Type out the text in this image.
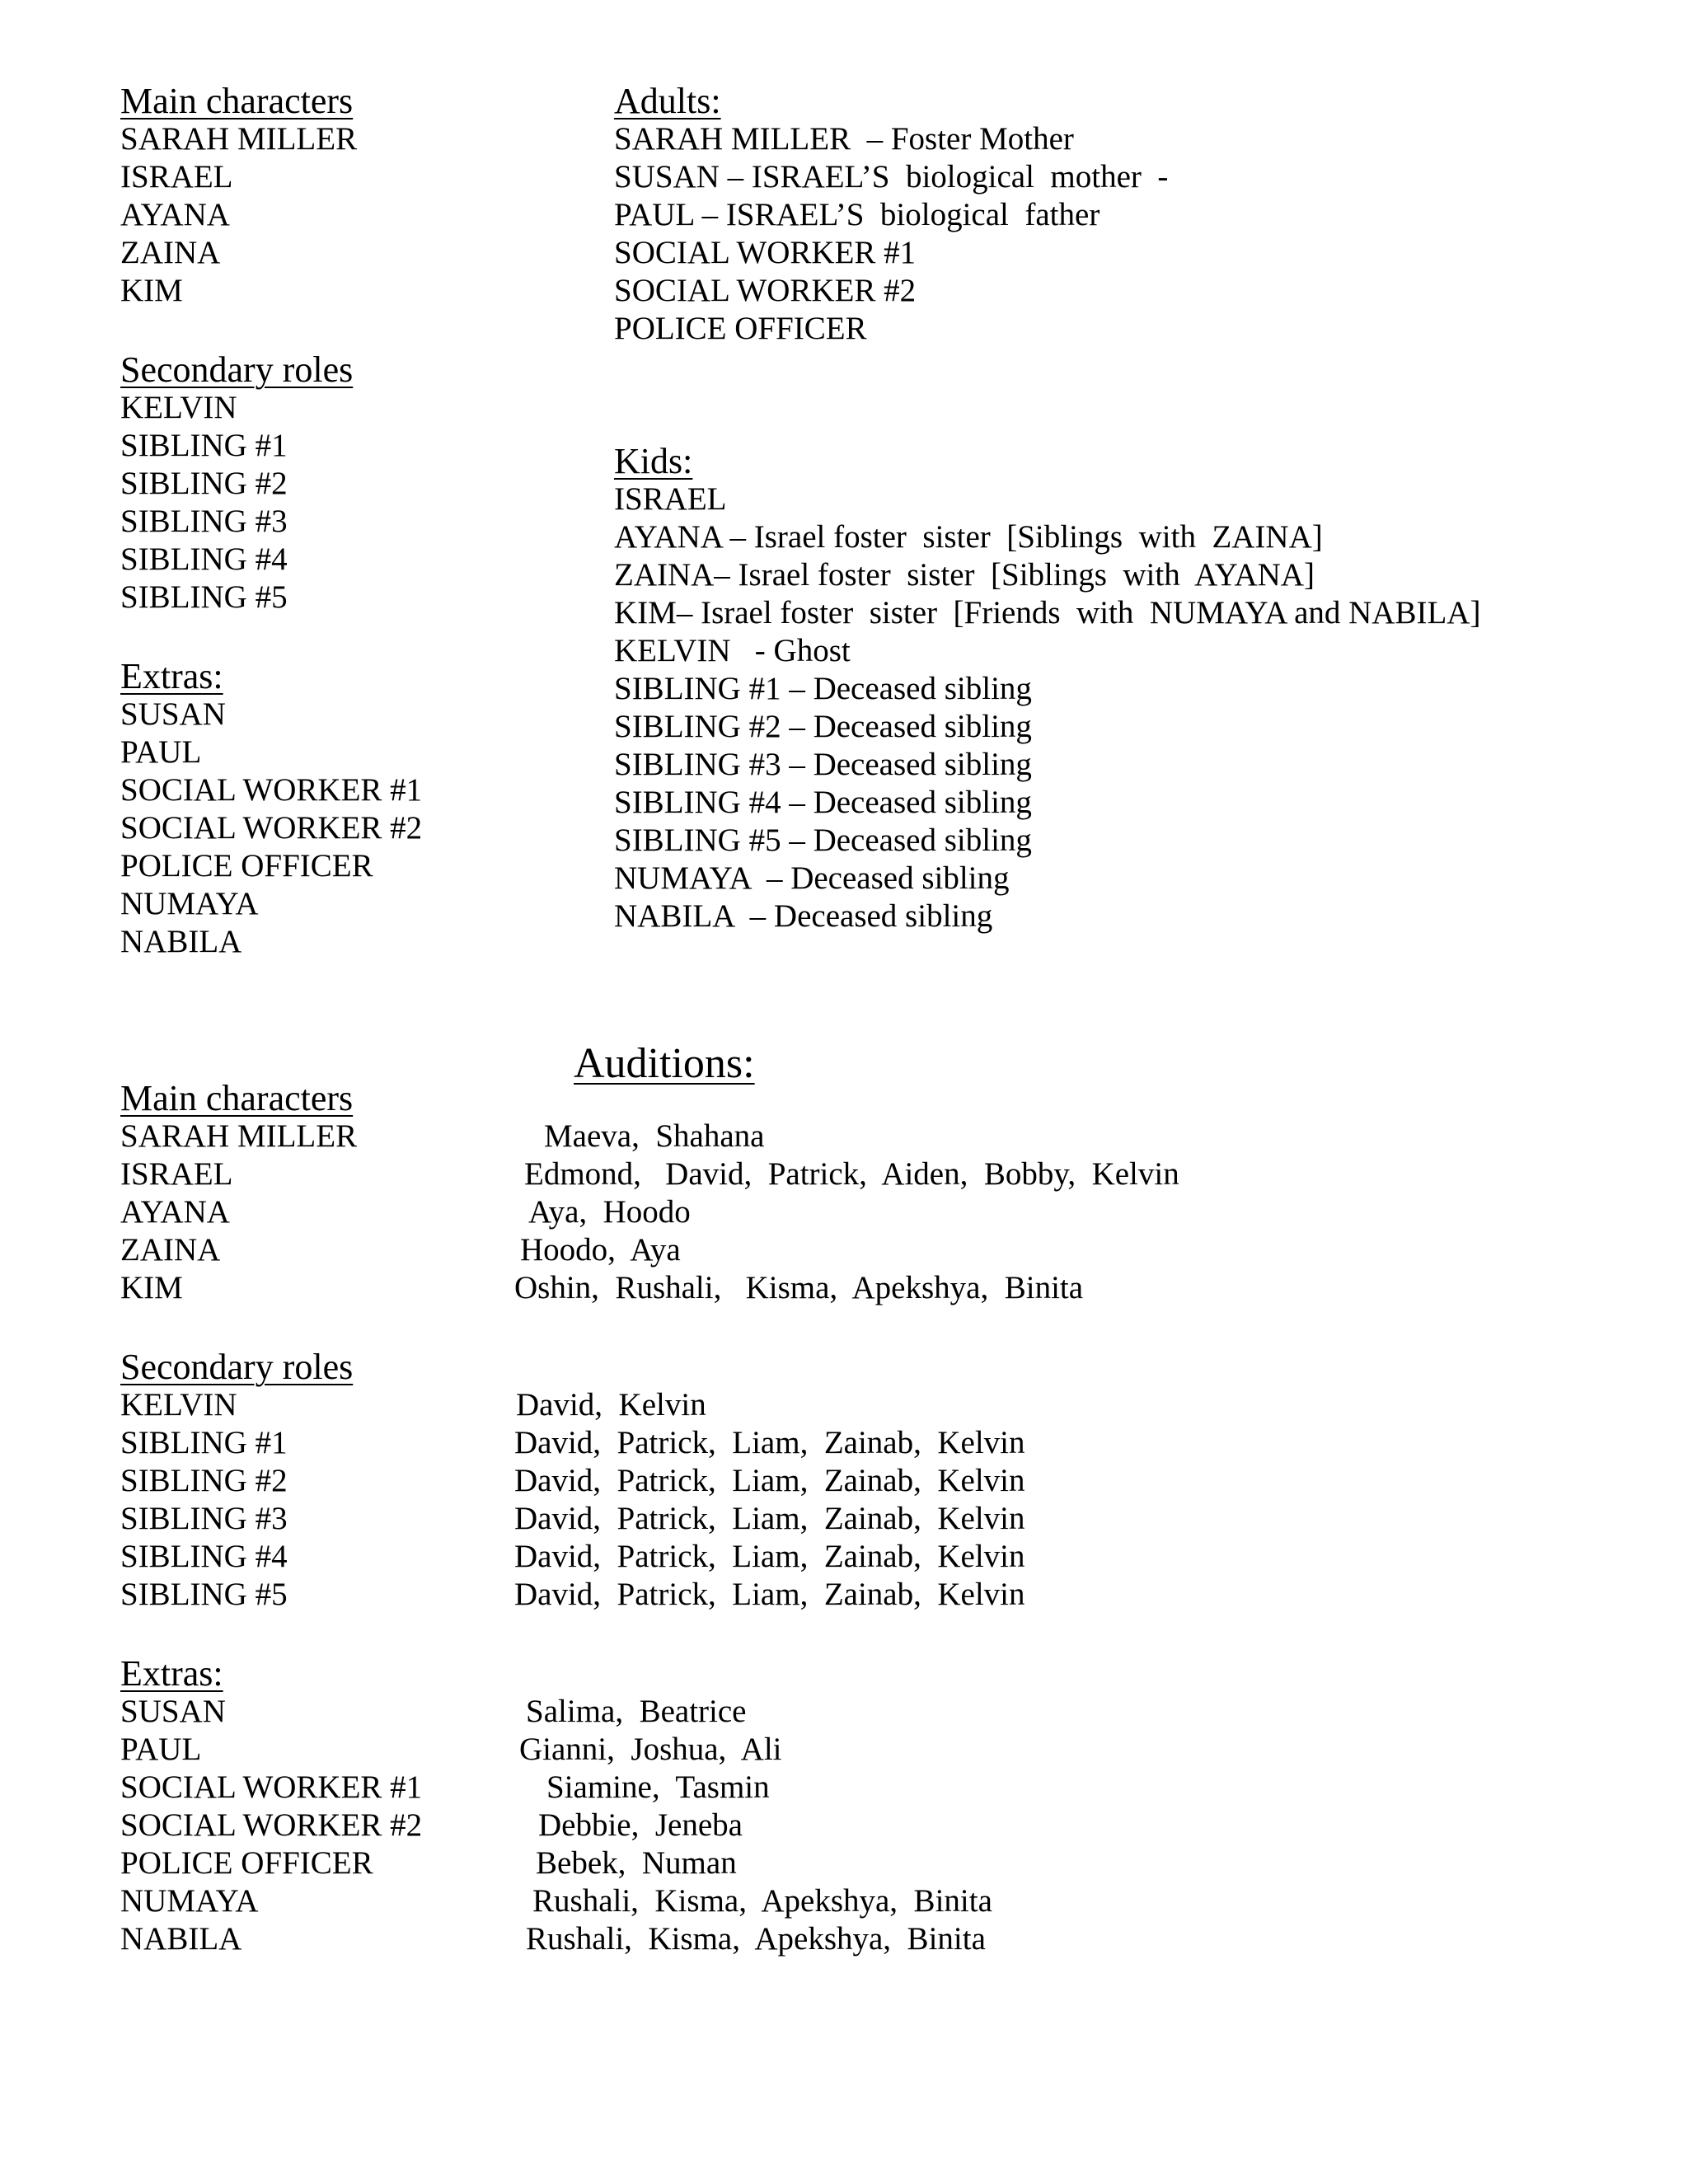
Main characters
SARAH MILLER
ISRAEL
AYANA
ZAINA
KIM
Secondary roles
KELVIN
SIBLING #1
SIBLING #2
SIBLING #3
SIBLING #4
SIBLING #5
Extras:
SUSAN
PAUL
SOCIAL WORKER #1
SOCIAL WORKER #2
POLICE OFFICER
NUMAYA
NABILA
Adults:
SARAH MILLER  – Foster Mother
SUSAN – ISRAEL’S  biological  mother  -
PAUL – ISRAEL’S  biological  father
SOCIAL WORKER #1
SOCIAL WORKER #2
POLICE OFFICER
Kids:
ISRAEL
AYANA – Israel foster  sister  [Siblings  with  ZAINA]
ZAINA– Israel foster  sister  [Siblings  with  AYANA]
KIM– Israel foster  sister  [Friends  with  NUMAYA and NABILA]
KELVIN   - Ghost
SIBLING #1 – Deceased sibling
SIBLING #2 – Deceased sibling
SIBLING #3 – Deceased sibling
SIBLING #4 – Deceased sibling
SIBLING #5 – Deceased sibling
NUMAYA  – Deceased sibling
NABILA  – Deceased sibling
Auditions:
Main characters
SARAH MILLER
ISRAEL
AYANA
ZAINA
KIM
Secondary roles
KELVIN
SIBLING #1
SIBLING #2
SIBLING #3
SIBLING #4
SIBLING #5
Extras:
SUSAN
PAUL
SOCIAL WORKER #1
SOCIAL WORKER #2
POLICE OFFICER
NUMAYA
NABILA
Maeva,  Shahana
Edmond,   David,  Patrick,  Aiden,  Bobby,  Kelvin
Aya,  Hoodo
Hoodo,  Aya
Oshin,  Rushali,   Kisma,  Apekshya,  Binita
David,  Kelvin
David,  Patrick,  Liam,  Zainab,  Kelvin
David,  Patrick,  Liam,  Zainab,  Kelvin
David,  Patrick,  Liam,  Zainab,  Kelvin
David,  Patrick,  Liam,  Zainab,  Kelvin
David,  Patrick,  Liam,  Zainab,  Kelvin
Salima,  Beatrice
Gianni,  Joshua,  Ali
Siamine,  Tasmin
Debbie,  Jeneba
Bebek,  Numan
Rushali,  Kisma,  Apekshya,  Binita
Rushali,  Kisma,  Apekshya,  Binita
